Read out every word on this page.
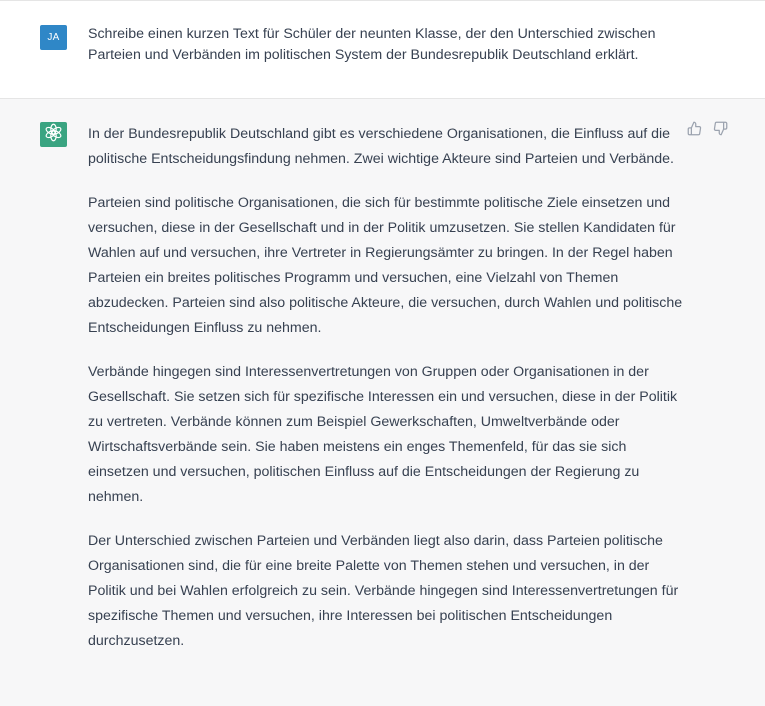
JA Schreibe einen kurzen Text für Schüler der neunten Klasse, der den Unterschied zwischen Parteien und Verbänden im politischen System der Bundesrepublik Deutschland erklärt.

In der Bundesrepublik Deutschland gibt es verschiedene Organisationen, die Einfluss auf die politische Entscheidungsfindung nehmen. Zwei wichtige Akteure sind Parteien und Verbände.

Parteien sind politische Organisationen, die sich für bestimmte politische Ziele einsetzen und versuchen, diese in der Gesellschaft und in der Politik umzusetzen. Sie stellen Kandidaten für Wahlen auf und versuchen, ihre Vertreter in Regierungsämter zu bringen. In der Regel haben Parteien ein breites politisches Programm und versuchen, eine Vielzahl von Themen abzudecken. Parteien sind also politische Akteure, die versuchen, durch Wahlen und politische Entscheidungen Einfluss zu nehmen.

Verbände hingegen sind Interessenvertretungen von Gruppen oder Organisationen in der Gesellschaft. Sie setzen sich für spezifische Interessen ein und versuchen, diese in der Politik zu vertreten. Verbände können zum Beispiel Gewerkschaften, Umweltverbände oder Wirtschaftsverbände sein. Sie haben meistens ein enges Themenfeld, für das sie sich einsetzen und versuchen, politischen Einfluss auf die Entscheidungen der Regierung zu nehmen.

Der Unterschied zwischen Parteien und Verbänden liegt also darin, dass Parteien politische Organisationen sind, die für eine breite Palette von Themen stehen und versuchen, in der Politik und bei Wahlen erfolgreich zu sein. Verbände hingegen sind Interessenvertretungen für spezifische Themen und versuchen, ihre Interessen bei politischen Entscheidungen durchzusetzen.
